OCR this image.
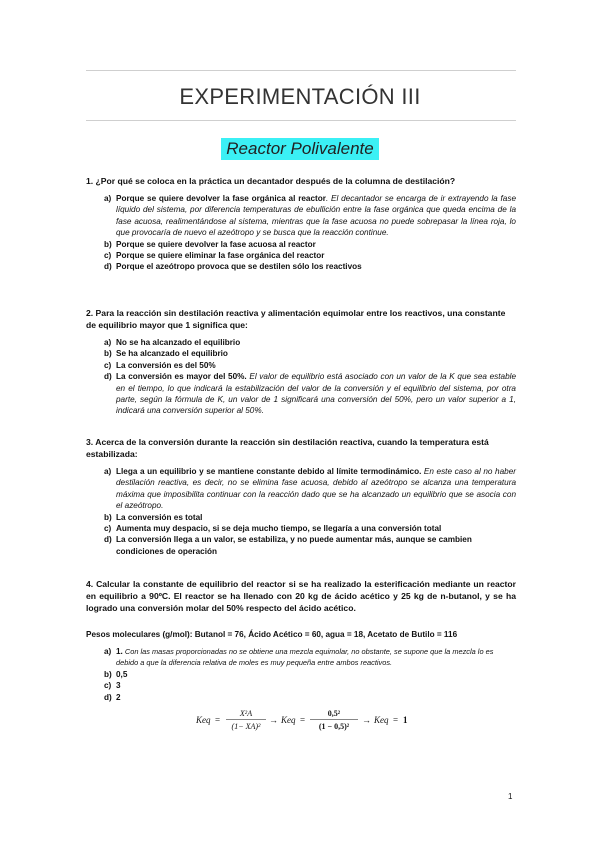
EXPERIMENTACIÓN III
Reactor Polivalente
1. ¿Por qué se coloca en la práctica un decantador después de la columna de destilación?
a) Porque se quiere devolver la fase orgánica al reactor. El decantador se encarga de ir extrayendo la fase líquido del sistema, por diferencia temperaturas de ebullición entre la fase orgánica que queda encima de la fase acuosa, realimentándose al sistema, mientras que la fase acuosa no puede sobrepasar la línea roja, lo que provocaría de nuevo el azeótropo y se busca que la reacción continue.
b) Porque se quiere devolver la fase acuosa al reactor
c) Porque se quiere eliminar la fase orgánica del reactor
d) Porque el azeótropo provoca que se destilen sólo los reactivos
2. Para la reacción sin destilación reactiva y alimentación equimolar entre los reactivos, una constante de equilibrio mayor que 1 significa que:
a) No se ha alcanzado el equilibrio
b) Se ha alcanzado el equilibrio
c) La conversión es del 50%
d) La conversión es mayor del 50%. El valor de equilibrio está asociado con un valor de la K que sea estable en el tiempo, lo que indicará la estabilización del valor de la conversión y el equilibrio del sistema, por otra parte, según la fórmula de K, un valor de 1 significará una conversión del 50%, pero un valor superior a 1, indicará una conversión superior al 50%.
3. Acerca de la conversión durante la reacción sin destilación reactiva, cuando la temperatura está estabilizada:
a) Llega a un equilibrio y se mantiene constante debido al límite termodinámico. En este caso al no haber destilación reactiva, es decir, no se elimina fase acuosa, debido al azeótropo se alcanza una temperatura máxima que imposibilita continuar con la reacción dado que se ha alcanzado un equilibrio que se asocia con el azeótropo.
b) La conversión es total
c) Aumenta muy despacio, si se deja mucho tiempo, se llegaría a una conversión total
d) La conversión llega a un valor, se estabiliza, y no puede aumentar más, aunque se cambien condiciones de operación
4. Calcular la constante de equilibrio del reactor si se ha realizado la esterificación mediante un reactor en equilibrio a 90ºC. El reactor se ha llenado con 20 kg de ácido acético y 25 kg de n-butanol, y se ha logrado una conversión molar del 50% respecto del ácido acético.
Pesos moleculares (g/mol): Butanol = 76, Ácido Acético = 60, agua = 18, Acetato de Butilo = 116
a) 1. Con las masas proporcionadas no se obtiene una mezcla equimolar, no obstante, se supone que la mezcla lo es debido a que la diferencia relativa de moles es muy pequeña entre ambos reactivos.
b) 0,5
c) 3
d) 2
Keq =
X²A
(1− XA)²
→ Keq =
0,5²
(1 − 0,5)²
→ Keq = 1
1
